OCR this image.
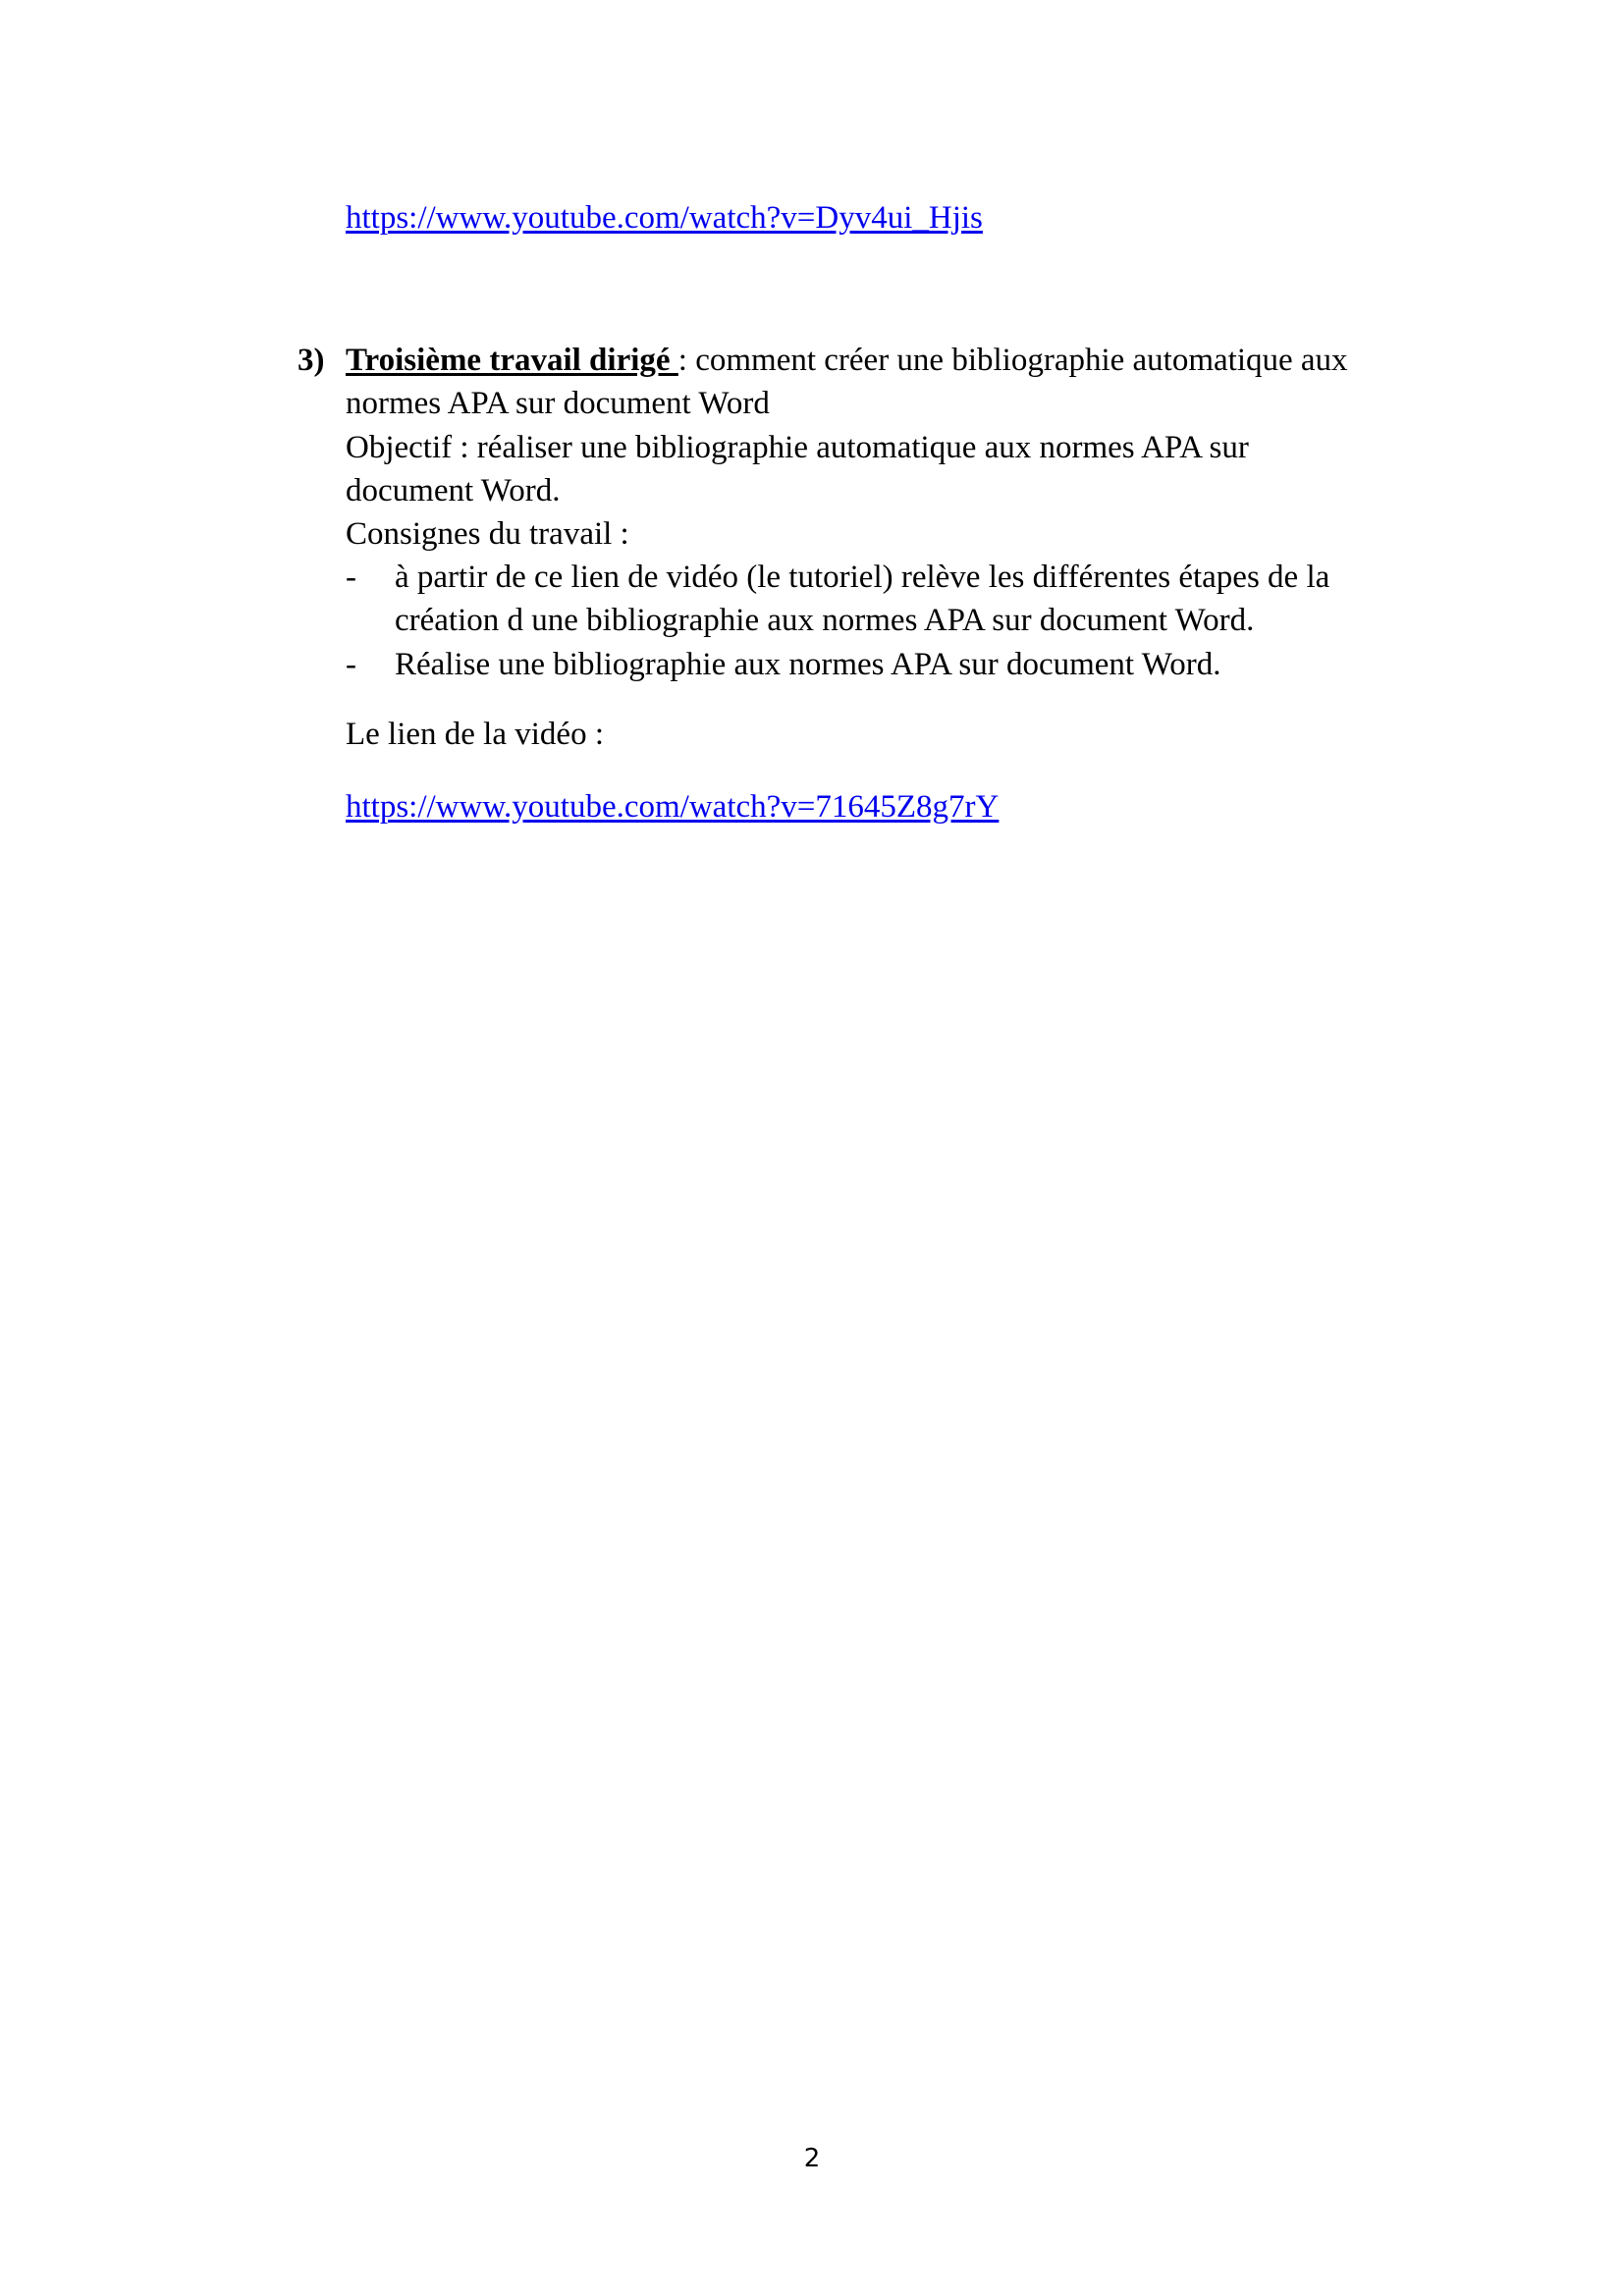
https://www.youtube.com/watch?v=Dyv4ui_Hjis
3) Troisième travail dirigé : comment créer une bibliographie automatique aux
normes APA sur document Word
Objectif : réaliser une bibliographie automatique aux normes APA sur
document Word.
Consignes du travail :
- à partir de ce lien de vidéo (le tutoriel) relève les différentes étapes de la
création d une bibliographie aux normes APA sur document Word.
- Réalise une bibliographie aux normes APA sur document Word.
Le lien de la vidéo :
https://www.youtube.com/watch?v=71645Z8g7rY
2
